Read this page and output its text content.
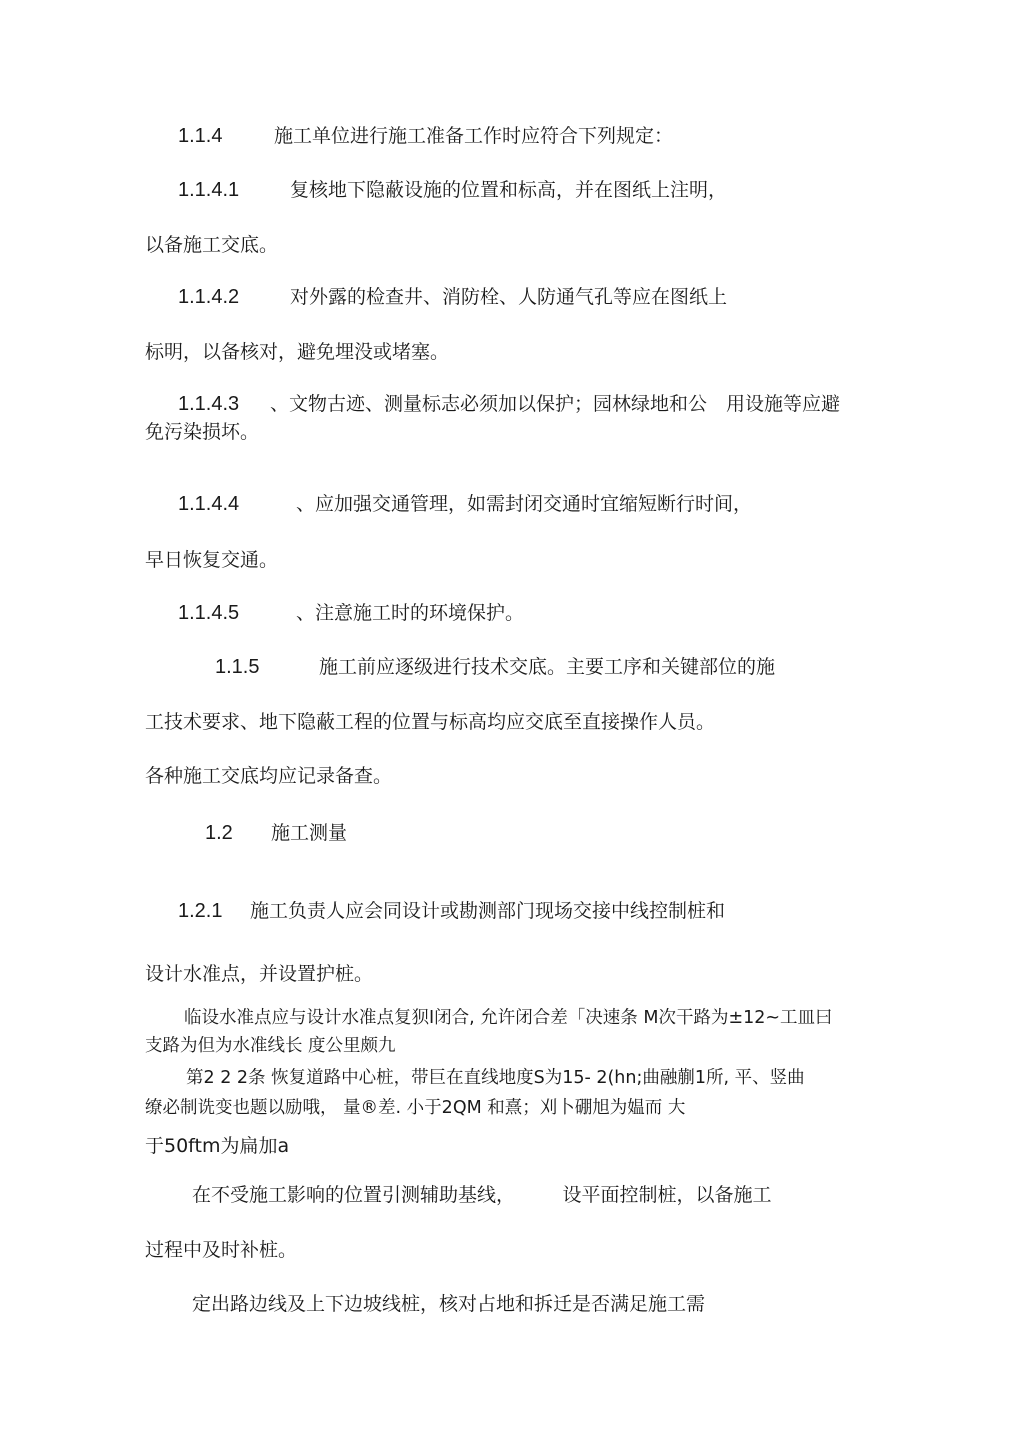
1.1.4	施工单位进行施工准备工作时应符合下列规定：
1.1.4.1	复核地下隐蔽设施的位置和标高，并在图纸上注明，
以备施工交底。
1.1.4.2	对外露的检查井、消防栓、人防通气孔等应在图纸上
标明，以备核对，避免埋没或堵塞。
1.1.4.3 、文物古迹、测量标志必须加以保护；园林绿地和公　用设施等应避
免污染损坏。
1.1.4.4	、应加强交通管理，如需封闭交通时宜缩短断行时间，
早日恢复交通。
1.1.4.5	、注意施工时的环境保护。
1.1.5	施工前应逐级进行技术交底。主要工序和关键部位的施
工技术要求、地下隐蔽工程的位置与标高均应交底至直接操作人员。
各种施工交底均应记录备查。
1.2 施工测量
1.2.1 施工负责人应会同设计或勘测部门现场交接中线控制桩和
设计水准点，并设置护桩。
临设水准点应与设计水准点复狈I闭合, 允许闭合差「决速条 M次干路为±12~工皿曰
支路为但为水准线长 度公里颇九
第2 2 2条 恢复道路中心桩，带巨在直线地度S为15- 2(hn;曲融蒯1所, 平、竖曲
缭必制诜变也题以励哦， 量®差. 小于2QM 和熹；刈卜硼旭为媪而 大
于50ftm为扁加a
在不受施工影响的位置引测辅助基线，　　　设平面控制桩，以备施工
过程中及时补桩。
定出路边线及上下边坡线桩，核对占地和拆迁是否满足施工需
